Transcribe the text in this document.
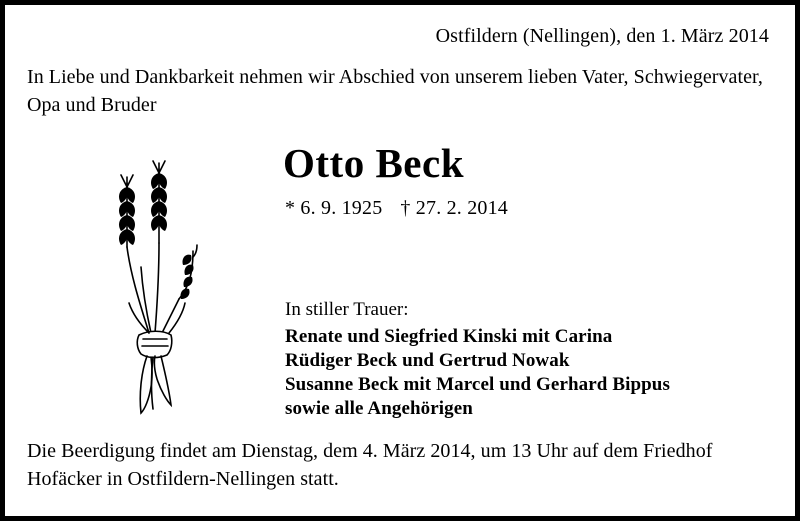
Ostfildern (Nellingen), den 1. März 2014
In Liebe und Dankbarkeit nehmen wir Abschied von unserem lieben Vater, Schwiegervater,
Opa und Bruder
Otto Beck
* 6. 9. 1925 † 27. 2. 2014
In stiller Trauer:
Renate und Siegfried Kinski mit Carina
Rüdiger Beck und Gertrud Nowak
Susanne Beck mit Marcel und Gerhard Bippus
sowie alle Angehörigen
Die Beerdigung findet am Dienstag, dem 4. März 2014, um 13 Uhr auf dem Friedhof
Hofäcker in Ostfildern-Nellingen statt.
